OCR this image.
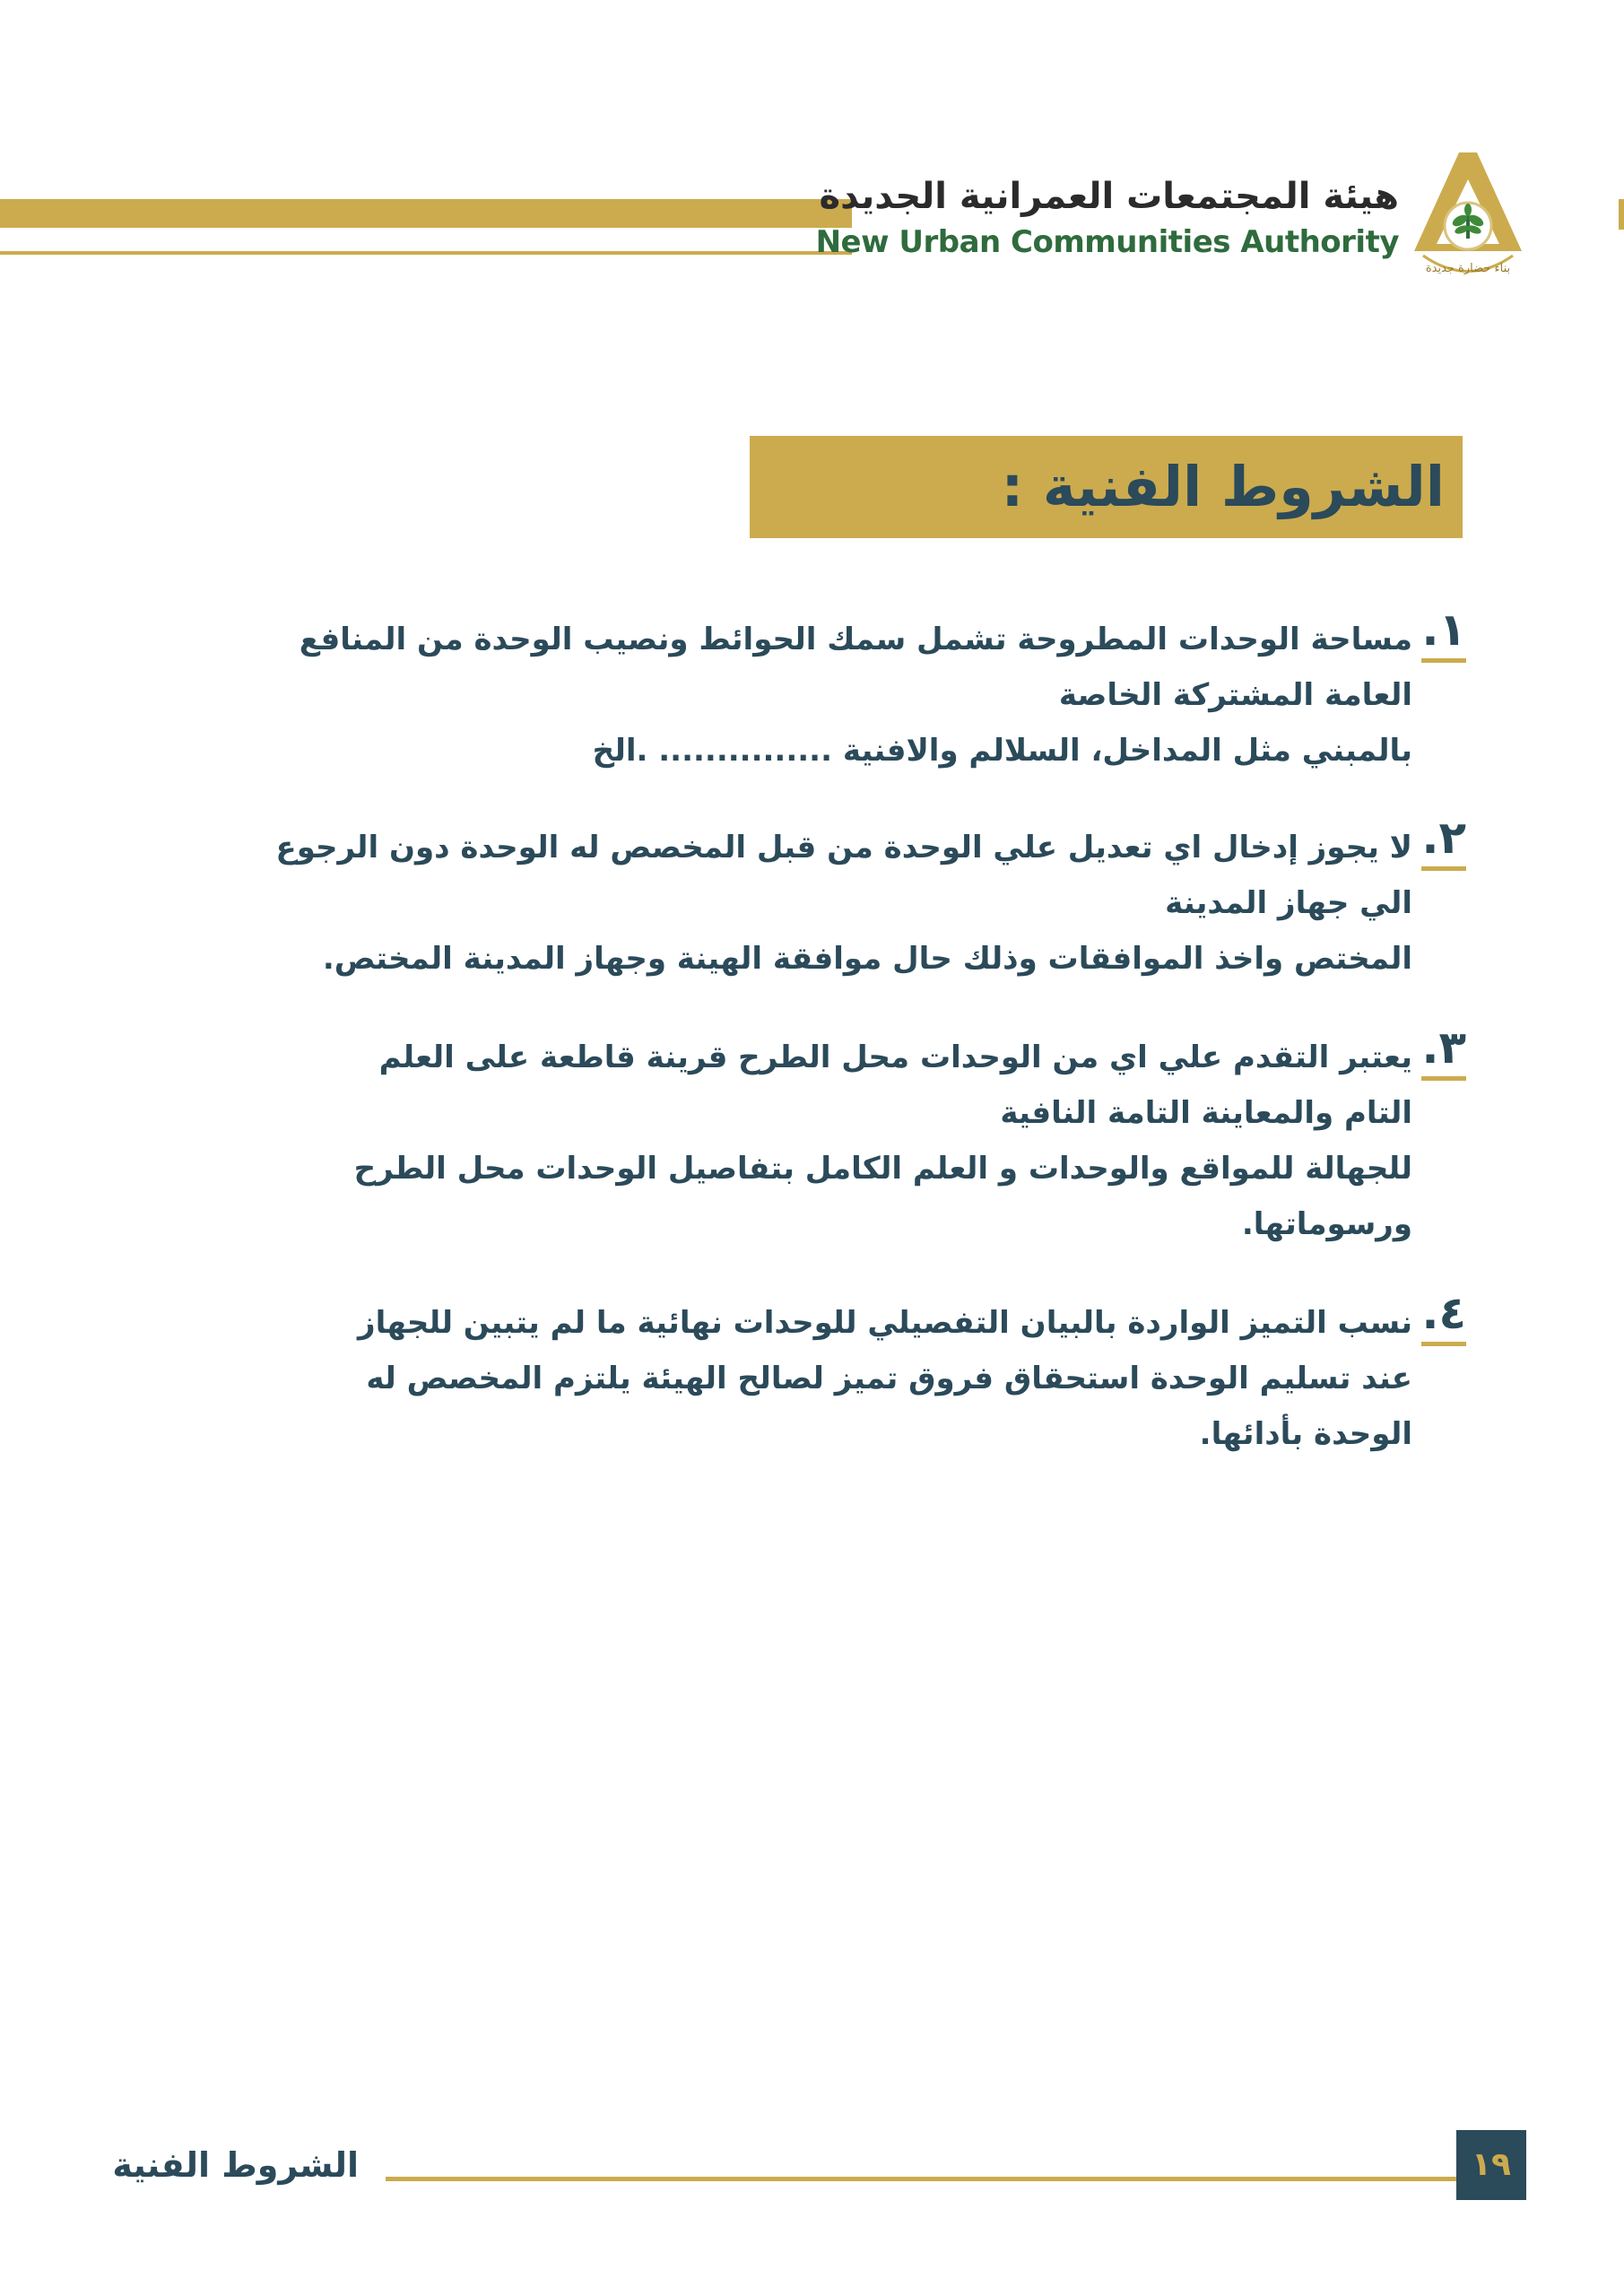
هيئة المجتمعات العمرانية الجديدة
New Urban Communities Authority
بناء حضارة جديدة
الشروط الفنية :
١.
مساحة الوحدات المطروحة تشمل سمك الحوائط ونصيب الوحدة من المنافع
العامة المشتركة الخاصة
بالمبني مثل المداخل، السلالم والافنية ............... .الخ
٢.
لا يجوز إدخال اي تعديل علي الوحدة من قبل المخصص له الوحدة دون الرجوع
الي جهاز المدينة
المختص واخذ الموافقات وذلك حال موافقة الهينة وجهاز المدينة المختص.
٣.
يعتبر التقدم علي اي من الوحدات محل الطرح قرينة قاطعة على العلم
التام والمعاينة التامة النافية
للجهالة للمواقع والوحدات و العلم الكامل بتفاصيل الوحدات محل الطرح
ورسوماتها.
٤.
نسب التميز الواردة بالبيان التفصيلي للوحدات نهائية ما لم يتبين للجهاز
عند تسليم الوحدة استحقاق فروق تميز لصالح الهيئة يلتزم المخصص له
الوحدة بأدائها.
الشروط الفنية	١٩
